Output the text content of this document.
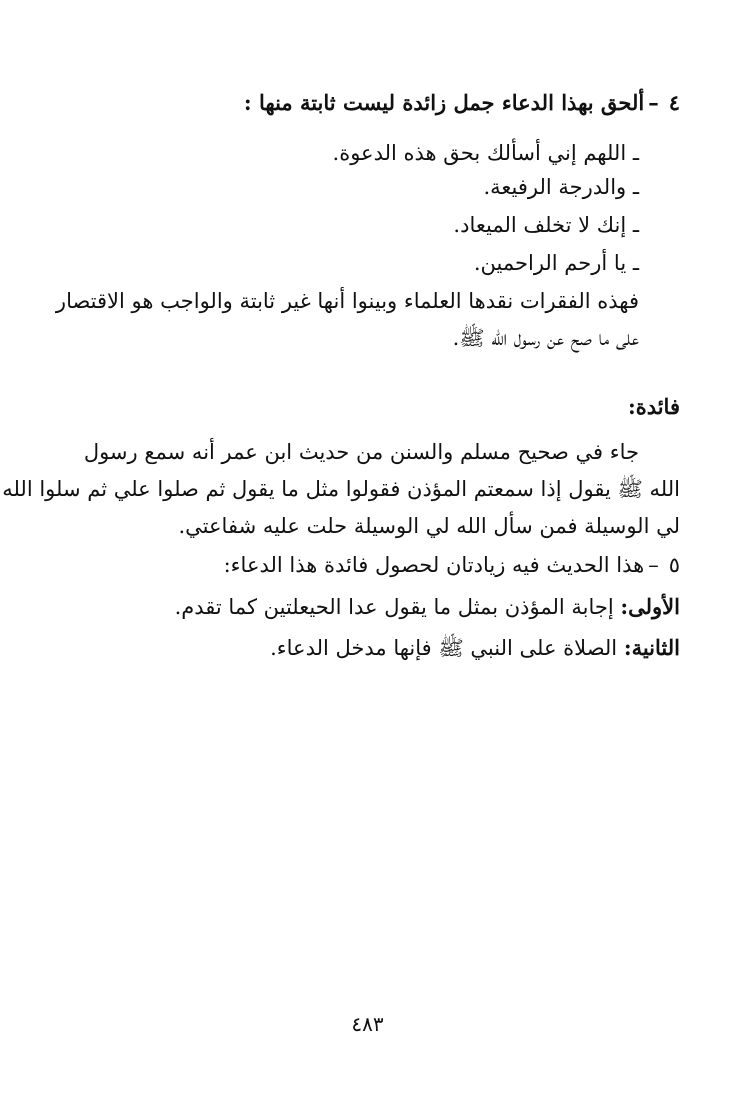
٤–ألحق بهذا الدعاء جمل زائدة ليست ثابتة منها :
ـ اللهم إني أسألك بحق هذه الدعوة.
ـ والدرجة الرفيعة.
ـ إنك لا تخلف الميعاد.
ـ يا أرحم الراحمين.
فهذه الفقرات نقدها العلماء وبينوا أنها غير ثابتة والواجب هو الاقتصار
على ما صح عن رسول الله ﷺ.
فائدة:
جاء في صحيح مسلم والسنن من حديث ابن عمر أنه سمع رسول
الله ﷺ يقول إذا سمعتم المؤذن فقولوا مثل ما يقول ثم صلوا علي ثم سلوا الله
لي الوسيلة فمن سأل الله لي الوسيلة حلت عليه شفاعتي.
٥–هذا الحديث فيه زيادتان لحصول فائدة هذا الدعاء:
الأولى: إجابة المؤذن بمثل ما يقول عدا الحيعلتين كما تقدم.
الثانية: الصلاة على النبي ﷺ فإنها مدخل الدعاء.
٤٨٣
